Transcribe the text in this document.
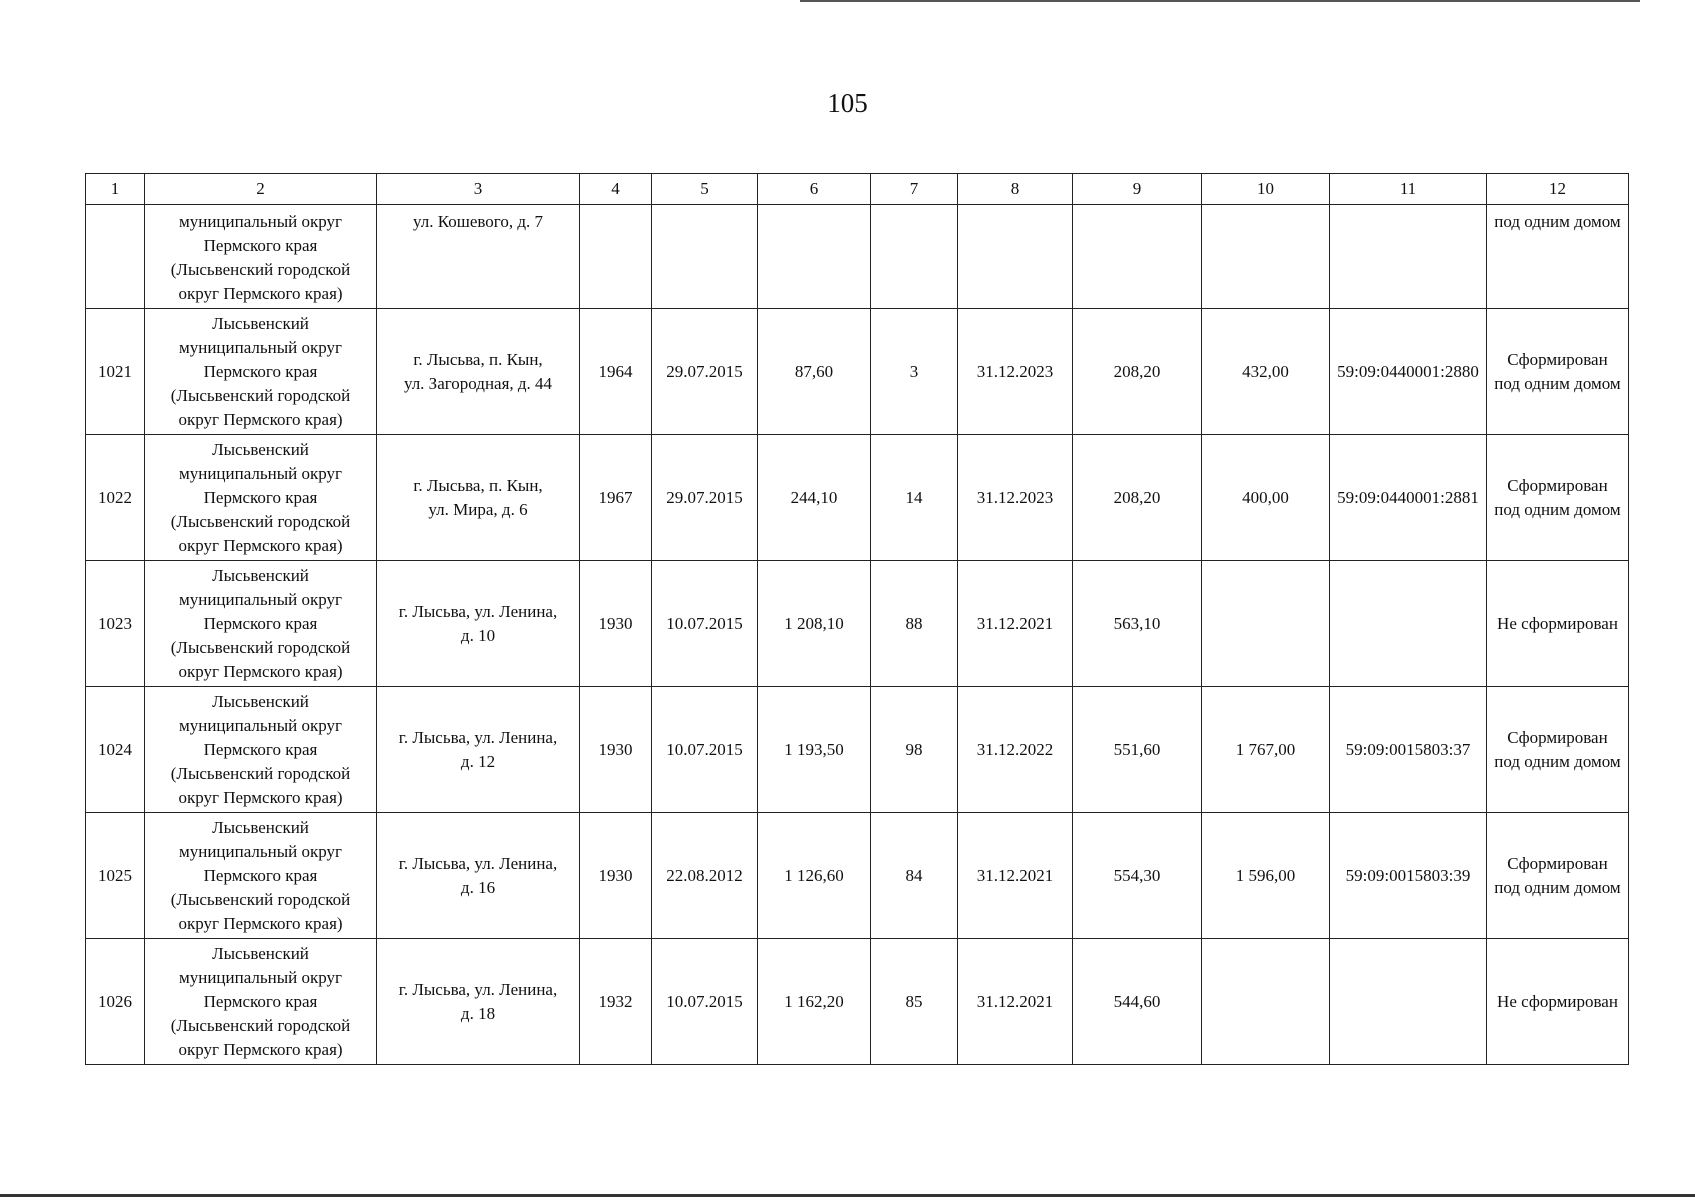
105
1	2	3	4	5	6	7	8	9	10	11	12
	муниципальный округ
Пермского края
(Лысьвенский городской
округ Пермского края)	ул. Кошевого, д. 7									под одним домом
1021	Лысьвенский
муниципальный округ
Пермского края
(Лысьвенский городской
округ Пермского края)	г. Лысьва, п. Кын,
ул. Загородная, д. 44	1964	29.07.2015	87,60	3	31.12.2023	208,20	432,00	59:09:0440001:2880	Сформирован
под одним домом
1022	Лысьвенский
муниципальный округ
Пермского края
(Лысьвенский городской
округ Пермского края)	г. Лысьва, п. Кын,
ул. Мира, д. 6	1967	29.07.2015	244,10	14	31.12.2023	208,20	400,00	59:09:0440001:2881	Сформирован
под одним домом
1023	Лысьвенский
муниципальный округ
Пермского края
(Лысьвенский городской
округ Пермского края)	г. Лысьва, ул. Ленина,
д. 10	1930	10.07.2015	1 208,10	88	31.12.2021	563,10			Не сформирован
1024	Лысьвенский
муниципальный округ
Пермского края
(Лысьвенский городской
округ Пермского края)	г. Лысьва, ул. Ленина,
д. 12	1930	10.07.2015	1 193,50	98	31.12.2022	551,60	1 767,00	59:09:0015803:37	Сформирован
под одним домом
1025	Лысьвенский
муниципальный округ
Пермского края
(Лысьвенский городской
округ Пермского края)	г. Лысьва, ул. Ленина,
д. 16	1930	22.08.2012	1 126,60	84	31.12.2021	554,30	1 596,00	59:09:0015803:39	Сформирован
под одним домом
1026	Лысьвенский
муниципальный округ
Пермского края
(Лысьвенский городской
округ Пермского края)	г. Лысьва, ул. Ленина,
д. 18	1932	10.07.2015	1 162,20	85	31.12.2021	544,60			Не сформирован
